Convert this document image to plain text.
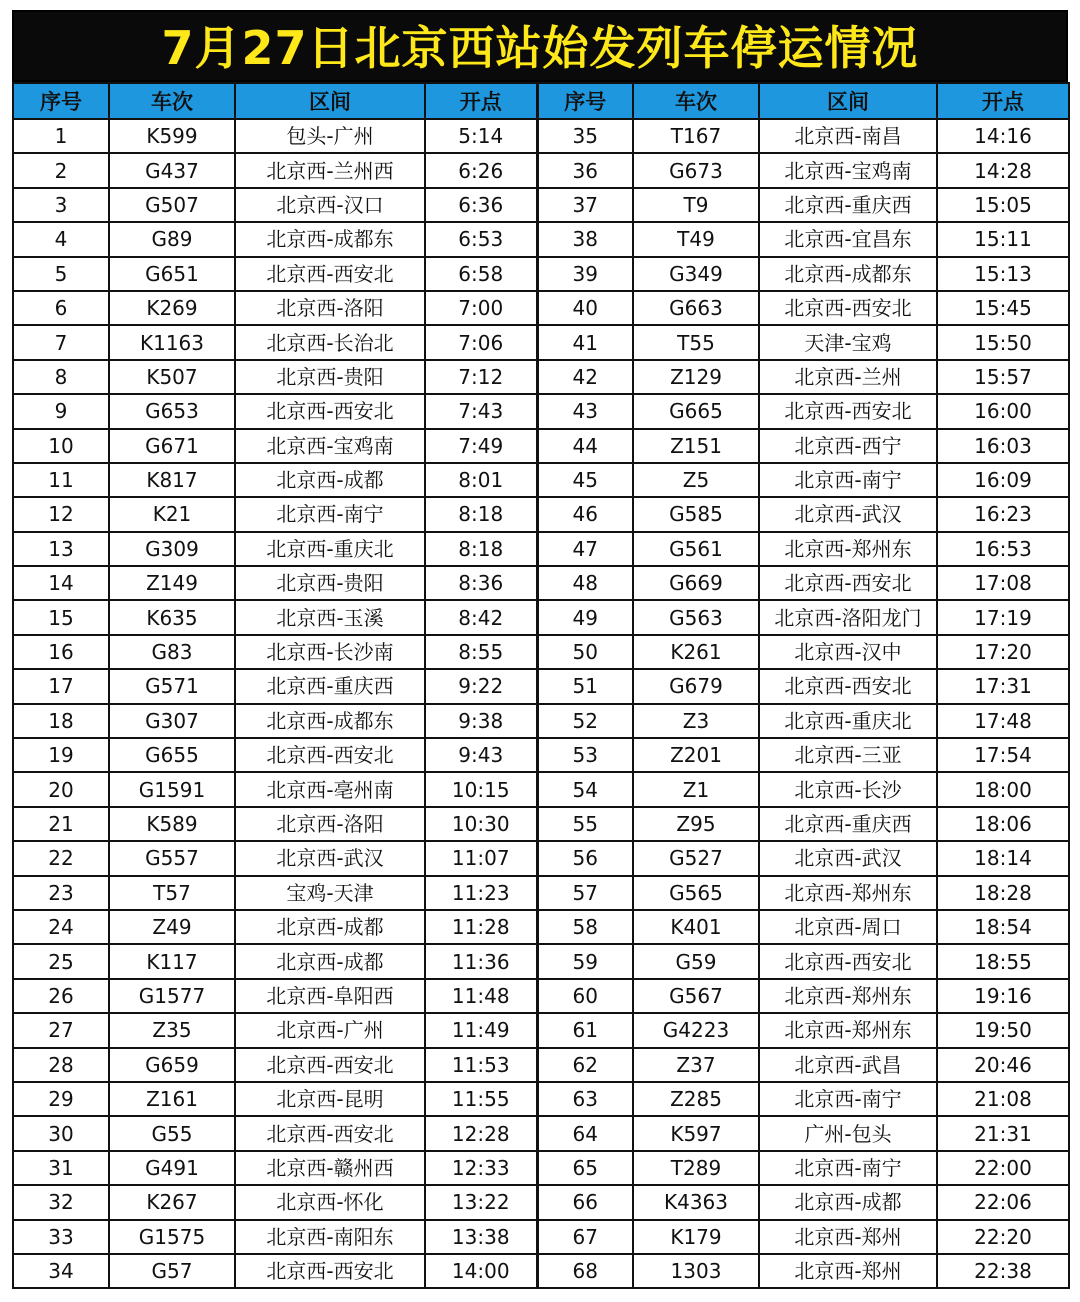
7月27日北京西站始发列车停运情况
序号	车次	区间	开点	序号	车次	区间	开点
1	K599	包头-广州	5:14	35	T167	北京西-南昌	14:16
2	G437	北京西-兰州西	6:26	36	G673	北京西-宝鸡南	14:28
3	G507	北京西-汉口	6:36	37	T9	北京西-重庆西	15:05
4	G89	北京西-成都东	6:53	38	T49	北京西-宜昌东	15:11
5	G651	北京西-西安北	6:58	39	G349	北京西-成都东	15:13
6	K269	北京西-洛阳	7:00	40	G663	北京西-西安北	15:45
7	K1163	北京西-长治北	7:06	41	T55	天津-宝鸡	15:50
8	K507	北京西-贵阳	7:12	42	Z129	北京西-兰州	15:57
9	G653	北京西-西安北	7:43	43	G665	北京西-西安北	16:00
10	G671	北京西-宝鸡南	7:49	44	Z151	北京西-西宁	16:03
11	K817	北京西-成都	8:01	45	Z5	北京西-南宁	16:09
12	K21	北京西-南宁	8:18	46	G585	北京西-武汉	16:23
13	G309	北京西-重庆北	8:18	47	G561	北京西-郑州东	16:53
14	Z149	北京西-贵阳	8:36	48	G669	北京西-西安北	17:08
15	K635	北京西-玉溪	8:42	49	G563	北京西-洛阳龙门	17:19
16	G83	北京西-长沙南	8:55	50	K261	北京西-汉中	17:20
17	G571	北京西-重庆西	9:22	51	G679	北京西-西安北	17:31
18	G307	北京西-成都东	9:38	52	Z3	北京西-重庆北	17:48
19	G655	北京西-西安北	9:43	53	Z201	北京西-三亚	17:54
20	G1591	北京西-亳州南	10:15	54	Z1	北京西-长沙	18:00
21	K589	北京西-洛阳	10:30	55	Z95	北京西-重庆西	18:06
22	G557	北京西-武汉	11:07	56	G527	北京西-武汉	18:14
23	T57	宝鸡-天津	11:23	57	G565	北京西-郑州东	18:28
24	Z49	北京西-成都	11:28	58	K401	北京西-周口	18:54
25	K117	北京西-成都	11:36	59	G59	北京西-西安北	18:55
26	G1577	北京西-阜阳西	11:48	60	G567	北京西-郑州东	19:16
27	Z35	北京西-广州	11:49	61	G4223	北京西-郑州东	19:50
28	G659	北京西-西安北	11:53	62	Z37	北京西-武昌	20:46
29	Z161	北京西-昆明	11:55	63	Z285	北京西-南宁	21:08
30	G55	北京西-西安北	12:28	64	K597	广州-包头	21:31
31	G491	北京西-赣州西	12:33	65	T289	北京西-南宁	22:00
32	K267	北京西-怀化	13:22	66	K4363	北京西-成都	22:06
33	G1575	北京西-南阳东	13:38	67	K179	北京西-郑州	22:20
34	G57	北京西-西安北	14:00	68	1303	北京西-郑州	22:38
